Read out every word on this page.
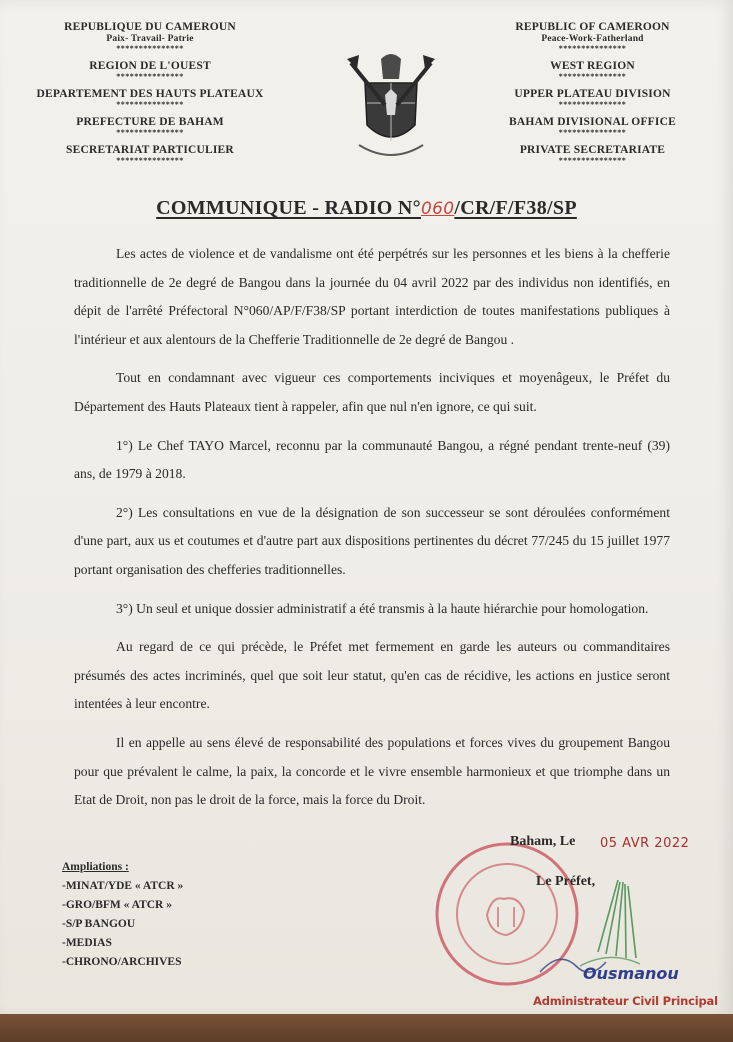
REPUBLIQUE DU CAMEROUN
Paix- Travail- Patrie
***************
REGION DE L'OUEST
***************
DEPARTEMENT DES HAUTS PLATEAUX
***************
PREFECTURE DE BAHAM
***************
SECRETARIAT PARTICULIER
***************
REPUBLIC OF CAMEROON
Peace-Work-Fatherland
***************
WEST REGION
***************
UPPER PLATEAU DIVISION
***************
BAHAM DIVISIONAL OFFICE
***************
PRIVATE SECRETARIATE
***************
COMMUNIQUE - RADIO N°060/CR/F/F38/SP

Les actes de violence et de vandalisme ont été perpétrés sur les personnes et les biens à la chefferie traditionnelle de 2e degré de Bangou dans la journée du 04 avril 2022 par des individus non identifiés, en dépit de l'arrêté Préfectoral N°060/AP/F/F38/SP portant interdiction de toutes manifestations publiques à l'intérieur et aux alentours de la Chefferie Traditionnelle de 2e degré de Bangou .

Tout en condamnant avec vigueur ces comportements inciviques et moyenâgeux, le Préfet du Département des Hauts Plateaux tient à rappeler, afin que nul n'en ignore, ce qui suit.

1°) Le Chef TAYO Marcel, reconnu par la communauté Bangou, a régné pendant trente-neuf (39) ans, de 1979 à 2018.

2°) Les consultations en vue de la désignation de son successeur se sont déroulées conformément d'une part, aux us et coutumes et d'autre part aux dispositions pertinentes du décret 77/245 du 15 juillet 1977 portant organisation des chefferies traditionnelles.

3°) Un seul et unique dossier administratif a été transmis à la haute hiérarchie pour homologation.

Au regard de ce qui précède, le Préfet met fermement en garde les auteurs ou commanditaires présumés des actes incriminés, quel que soit leur statut, qu'en cas de récidive, les actions en justice seront intentées à leur encontre.

Il en appelle au sens élevé de responsabilité des populations et forces vives du groupement Bangou pour que prévalent le calme, la paix, la concorde et le vivre ensemble harmonieux et que triomphe dans un Etat de Droit, non pas le droit de la force, mais la force du Droit.

Ampliations :
-MINAT/YDE « ATCR »
-GRO/BFM « ATCR »
-S/P BANGOU
-MEDIAS
-CHRONO/ARCHIVES
Baham, Le 05 AVR 2022
Le Préfet,
Ousmanou
Administrateur Civil Principal
